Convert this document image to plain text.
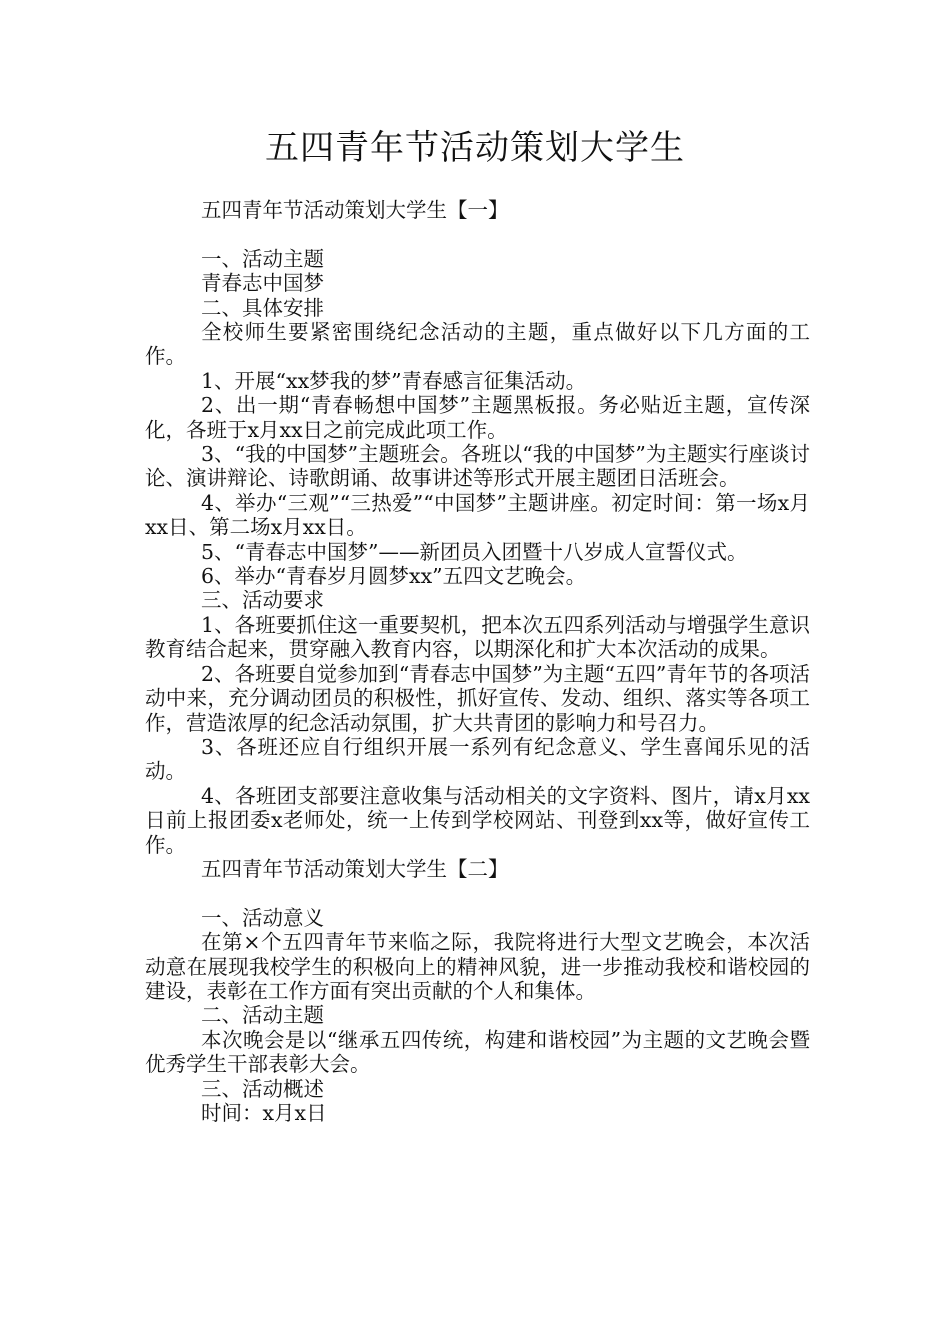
五四青年节活动策划大学生

五四青年节活动策划大学生【一】

一、活动主题

青春志中国梦

二、具体安排

全校师生要紧密围绕纪念活动的主题，重点做好以下几方面的工作。

1、开展“xx梦我的梦”青春感言征集活动。

2、出一期“青春畅想中国梦”主题黑板报。务必贴近主题，宣传深化，各班于x月xx日之前完成此项工作。

3、“我的中国梦”主题班会。各班以“我的中国梦”为主题实行座谈讨论、演讲辩论、诗歌朗诵、故事讲述等形式开展主题团日活班会。

4、举办“三观”“三热爱”“中国梦”主题讲座。初定时间：第一场x月xx日、第二场x月xx日。

5、“青春志中国梦”——新团员入团暨十八岁成人宣誓仪式。

6、举办“青春岁月圆梦xx”五四文艺晚会。

三、活动要求

1、各班要抓住这一重要契机，把本次五四系列活动与增强学生意识教育结合起来，贯穿融入教育内容，以期深化和扩大本次活动的成果。

2、各班要自觉参加到“青春志中国梦”为主题“五四”青年节的各项活动中来，充分调动团员的积极性，抓好宣传、发动、组织、落实等各项工作，营造浓厚的纪念活动氛围，扩大共青团的影响力和号召力。

3、各班还应自行组织开展一系列有纪念意义、学生喜闻乐见的活动。

4、各班团支部要注意收集与活动相关的文字资料、图片，请x月xx日前上报团委x老师处，统一上传到学校网站、刊登到xx等，做好宣传工作。

五四青年节活动策划大学生【二】

一、活动意义

在第×个五四青年节来临之际，我院将进行大型文艺晚会，本次活动意在展现我校学生的积极向上的精神风貌，进一步推动我校和谐校园的建设，表彰在工作方面有突出贡献的个人和集体。

二、活动主题

本次晚会是以“继承五四传统，构建和谐校园”为主题的文艺晚会暨优秀学生干部表彰大会。

三、活动概述

时间：x月x日
